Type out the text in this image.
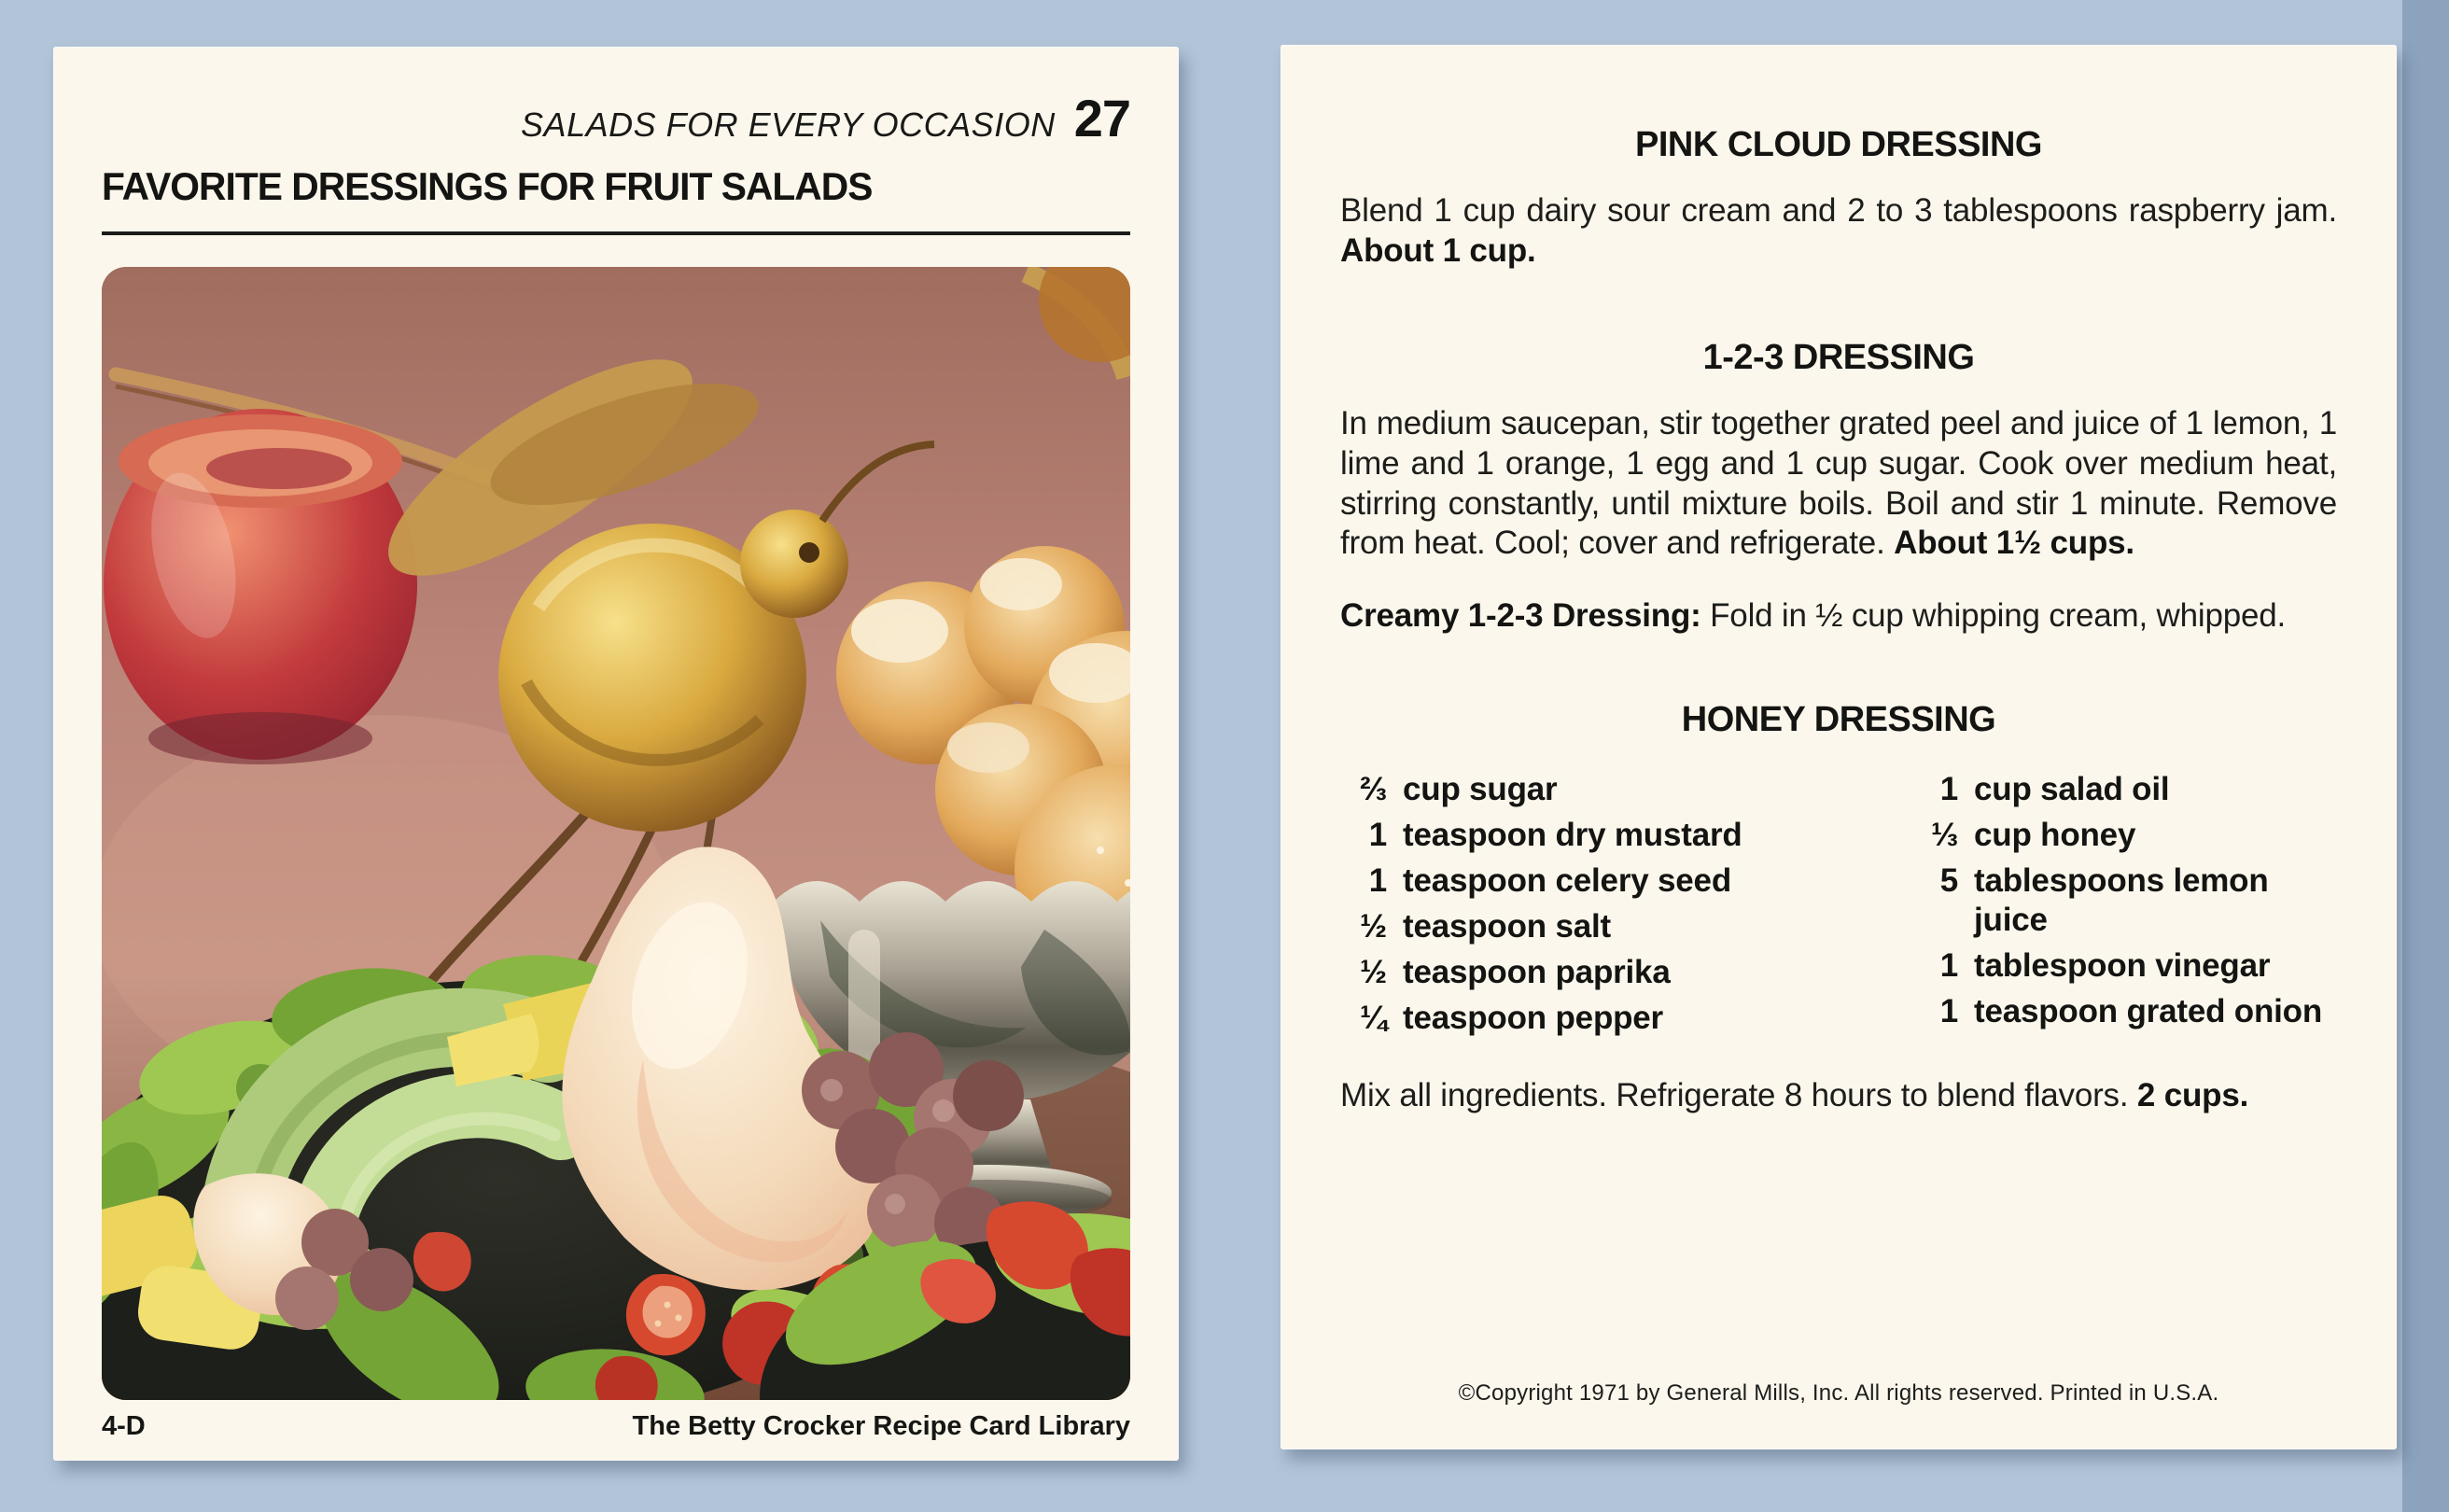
SALADS FOR EVERY OCCASION 27
FAVORITE DRESSINGS FOR FRUIT SALADS
4-D	The Betty Crocker Recipe Card Library
PINK CLOUD DRESSING

Blend 1 cup dairy sour cream and 2 to 3 tablespoons raspberry jam. About 1 cup.

1-2-3 DRESSING

In medium saucepan, stir together grated peel and juice of 1 lemon, 1 lime and 1 orange, 1 egg and 1 cup sugar. Cook over medium heat, stirring constantly, until mixture boils. Boil and stir 1 minute. Remove from heat. Cool; cover and refrigerate. About 1½ cups.

Creamy 1-2-3 Dressing: Fold in ½ cup whipping cream, whipped.

HONEY DRESSING
⅔ cup sugar
1 teaspoon dry mustard
1 teaspoon celery seed
½ teaspoon salt
½ teaspoon paprika
¼ teaspoon pepper
1 cup salad oil
⅓ cup honey
5 tablespoons lemon juice
1 tablespoon vinegar
1 teaspoon grated onion

Mix all ingredients. Refrigerate 8 hours to blend flavors. 2 cups.

©Copyright 1971 by General Mills, Inc. All rights reserved. Printed in U.S.A.
